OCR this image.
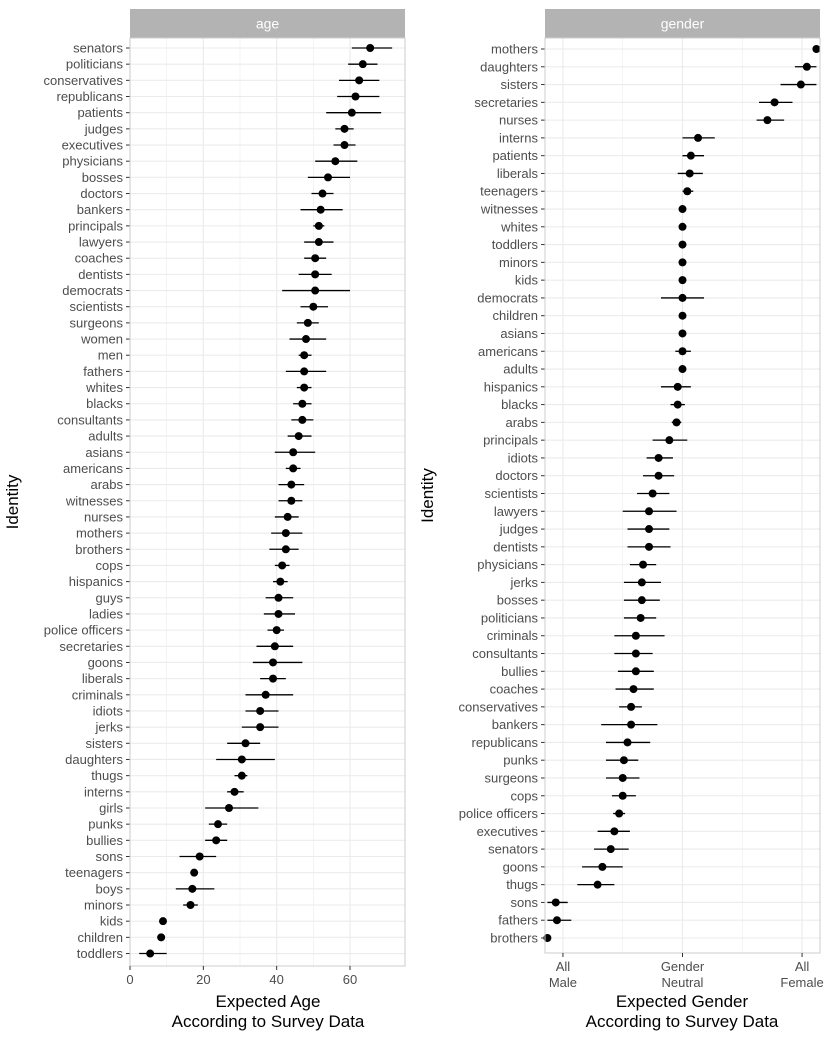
age
senators
politicians
conservatives
republicans
patients
judges
executives
physicians
bosses
doctors
bankers
principals
lawyers
coaches
dentists
democrats
scientists
surgeons
women
men
fathers
whites
blacks
consultants
adults
asians
americans
arabs
witnesses
nurses
mothers
brothers
cops
hispanics
guys
ladies
police officers
secretaries
goons
liberals
criminals
idiots
jerks
sisters
daughters
thugs
interns
girls
punks
bullies
sons
teenagers
boys
minors
kids
children
toddlers
0	20	40	60
Expected Age According to Survey Data
Identity
gender
mothers
daughters
sisters
secretaries
nurses
interns
patients
liberals
teenagers
witnesses
whites
toddlers
minors
kids
democrats
children
asians
americans
adults
hispanics
blacks
arabs
principals
idiots
doctors
scientists
lawyers
judges
dentists
physicians
jerks
bosses
politicians
criminals
consultants
bullies
coaches
conservatives
bankers
republicans
punks
surgeons
cops
police officers
executives
senators
goons
thugs
sons
fathers
brothers
All Male
Gender Neutral
All Female
Expected Gender According to Survey Data
Identity
